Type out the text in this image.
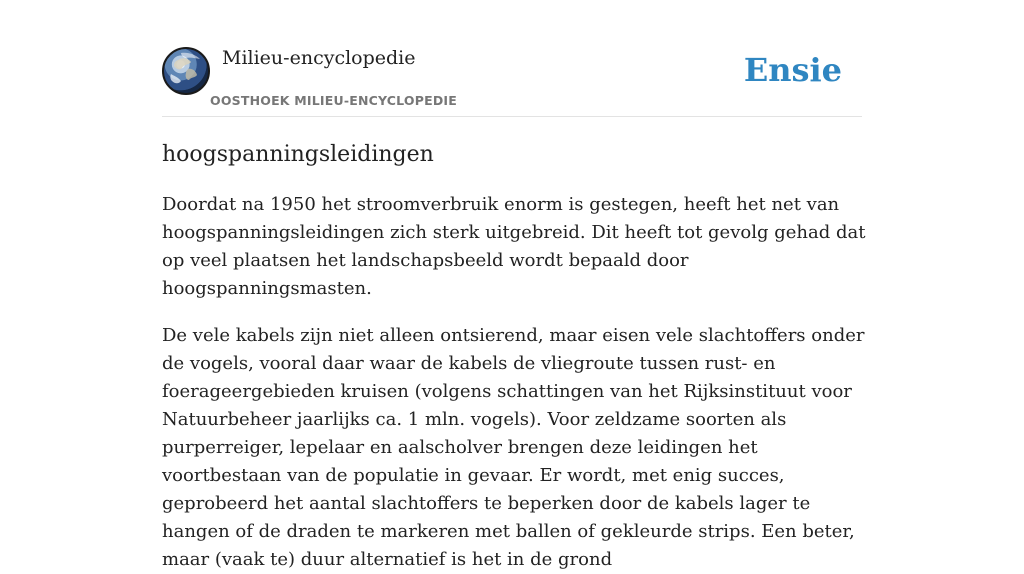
Milieu-encyclopedie
OOSTHOEK MILIEU-ENCYCLOPEDIE
Ensie
hoogspanningsleidingen

Doordat na 1950 het stroomverbruik enorm is gestegen, heeft het net van hoogspanningsleidingen zich sterk uitgebreid. Dit heeft tot gevolg gehad dat op veel plaatsen het landschapsbeeld wordt bepaald door hoogspanningsmasten.

De vele kabels zijn niet alleen ontsierend, maar eisen vele slachtoffers onder de vogels, vooral daar waar de kabels de vliegroute tussen rust- en foerageergebieden kruisen (volgens schattingen van het Rijksinstituut voor Natuurbeheer jaarlijks ca. 1 mln. vogels). Voor zeldzame soorten als purperreiger, lepelaar en aalscholver brengen deze leidingen het voortbestaan van de populatie in gevaar. Er wordt, met enig succes, geprobeerd het aantal slachtoffers te beperken door de kabels lager te hangen of de draden te markeren met ballen of gekleurde strips. Een beter, maar (vaak te) duur alternatief is het in de grond
